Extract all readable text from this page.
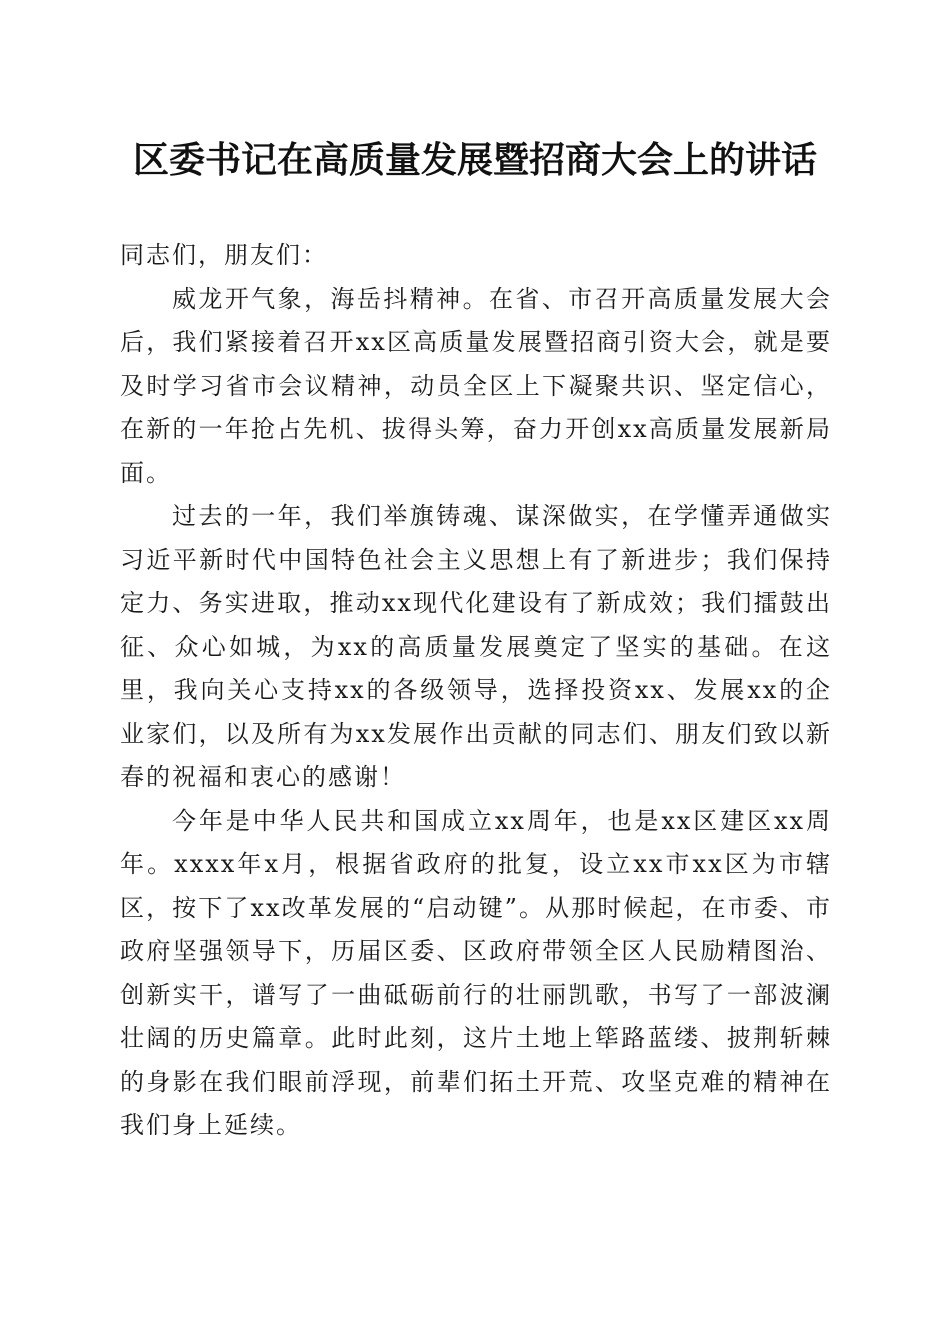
区委书记在高质量发展暨招商大会上的讲话

同志们，朋友们：

威龙开气象，海岳抖精神。在省、市召开高质量发展大会后，我们紧接着召开xx区高质量发展暨招商引资大会，就是要及时学习省市会议精神，动员全区上下凝聚共识、坚定信心，在新的一年抢占先机、拔得头筹，奋力开创xx高质量发展新局面。

过去的一年，我们举旗铸魂、谋深做实，在学懂弄通做实习近平新时代中国特色社会主义思想上有了新进步；我们保持定力、务实进取，推动xx现代化建设有了新成效；我们擂鼓出征、众心如城，为xx的高质量发展奠定了坚实的基础。在这里，我向关心支持xx的各级领导，选择投资xx、发展xx的企业家们，以及所有为xx发展作出贡献的同志们、朋友们致以新春的祝福和衷心的感谢！

今年是中华人民共和国成立xx周年，也是xx区建区xx周年。xxxx年x月，根据省政府的批复，设立xx市xx区为市辖区，按下了xx改革发展的“启动键”。从那时候起，在市委、市政府坚强领导下，历届区委、区政府带领全区人民励精图治、创新实干，谱写了一曲砥砺前行的壮丽凯歌，书写了一部波澜壮阔的历史篇章。此时此刻，这片土地上筚路蓝缕、披荆斩棘的身影在我们眼前浮现，前辈们拓土开荒、攻坚克难的精神在我们身上延续。
